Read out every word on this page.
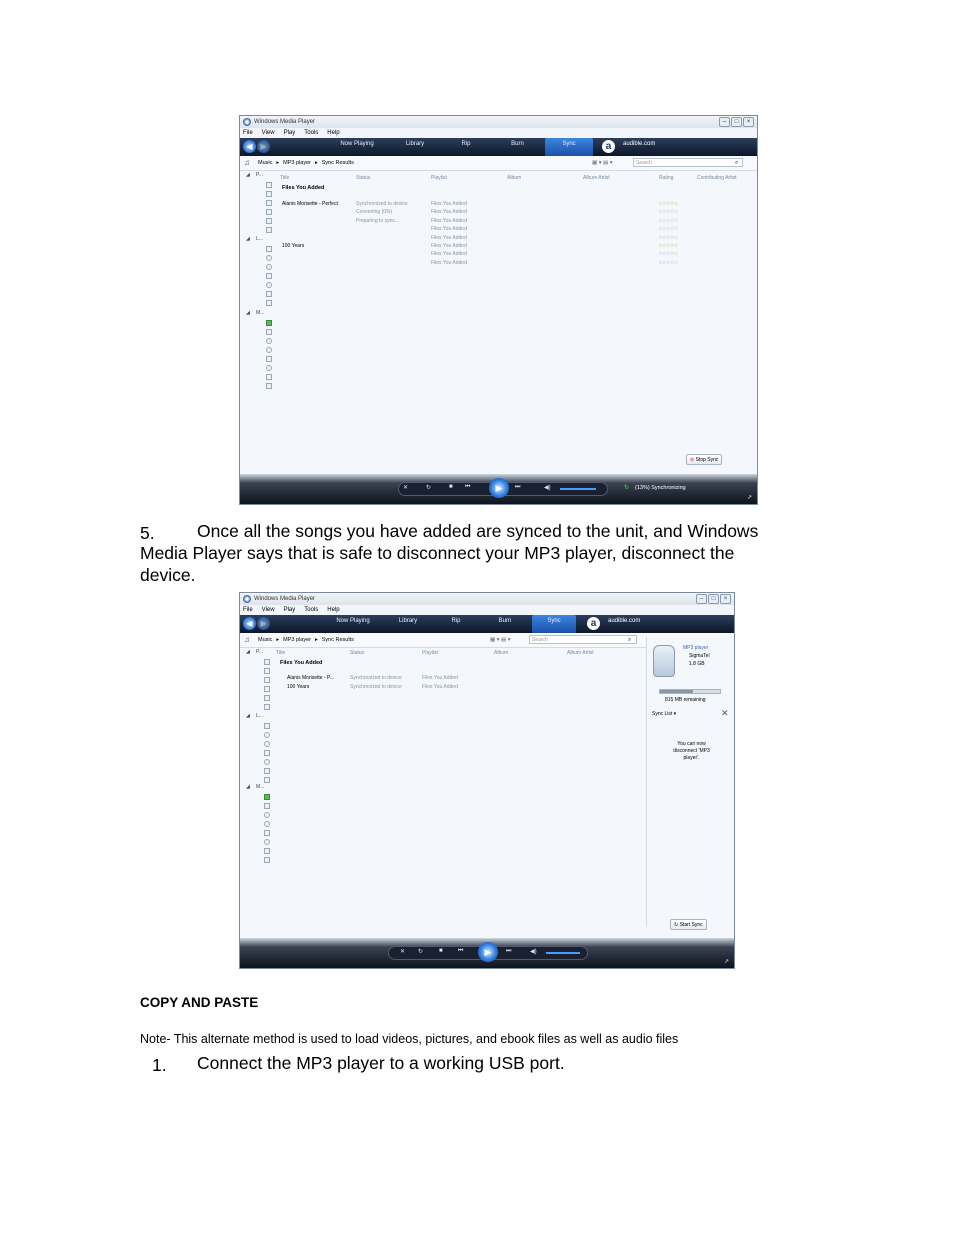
Windows Media Player	–	□	×
File View Play Tools Help
◀ ▶	Now Playing	Library	Rip	Burn	Sync	a	audible.com
♫ Music ▸ MP3 player ▸ Sync Results	▦ ▾ ▤ ▾	Search	⌕
◢ P...
◢ L...
◢ M...
Title	Status	Playlist	Album	Album Artist	Rating	Contributing Artist
Files You Added
Alanis Morisette - Perfect	Synchronized to device	Files You Added	☆☆☆☆☆
Converting (0%)	Files You Added	☆☆☆☆☆
Preparing to sync...	Files You Added	☆☆☆☆☆
Files You Added	☆☆☆☆☆
Files You Added	☆☆☆☆☆
100 Years	Files You Added	☆☆☆☆☆
Files You Added	☆☆☆☆☆
Files You Added	☆☆☆☆☆
⊘ Stop Sync
✕	↻	■ ⏮	▶	⏭	◀)	↻ (13%) Synchronizing
↗
5. Once all the songs you have added are synced to the unit, and Windows
Media Player says that is safe to disconnect your MP3 player, disconnect the
device.
Windows Media Player	–	□	×
File View Play Tools Help
◀ ▶	Now Playing	Library	Rip	Burn	Sync	a	audible.com
♫ Music ▸ MP3 player ▸ Sync Results	▦ ▾ ▤ ▾	Search	⌕
◢ P...
◢ L...
◢ M...
Title	Status	Playlist	Album	Album Artist
Files You Added
Alanis Morisette - P...	Synchronized to device	Files You Added
100 Years	Synchronized to device	Files You Added
MP3 player
SigmaTel
1.8 GB
815 MB remaining
Sync List ▾	✕
You can now
disconnect 'MP3
player'.
↻ Start Sync
✕ ↻	■	⏮	▶	⏭	◀)
↗
COPY AND PASTE
Note- This alternate method is used to load videos, pictures, and ebook files as well as audio files
1. Connect the MP3 player to a working USB port.
